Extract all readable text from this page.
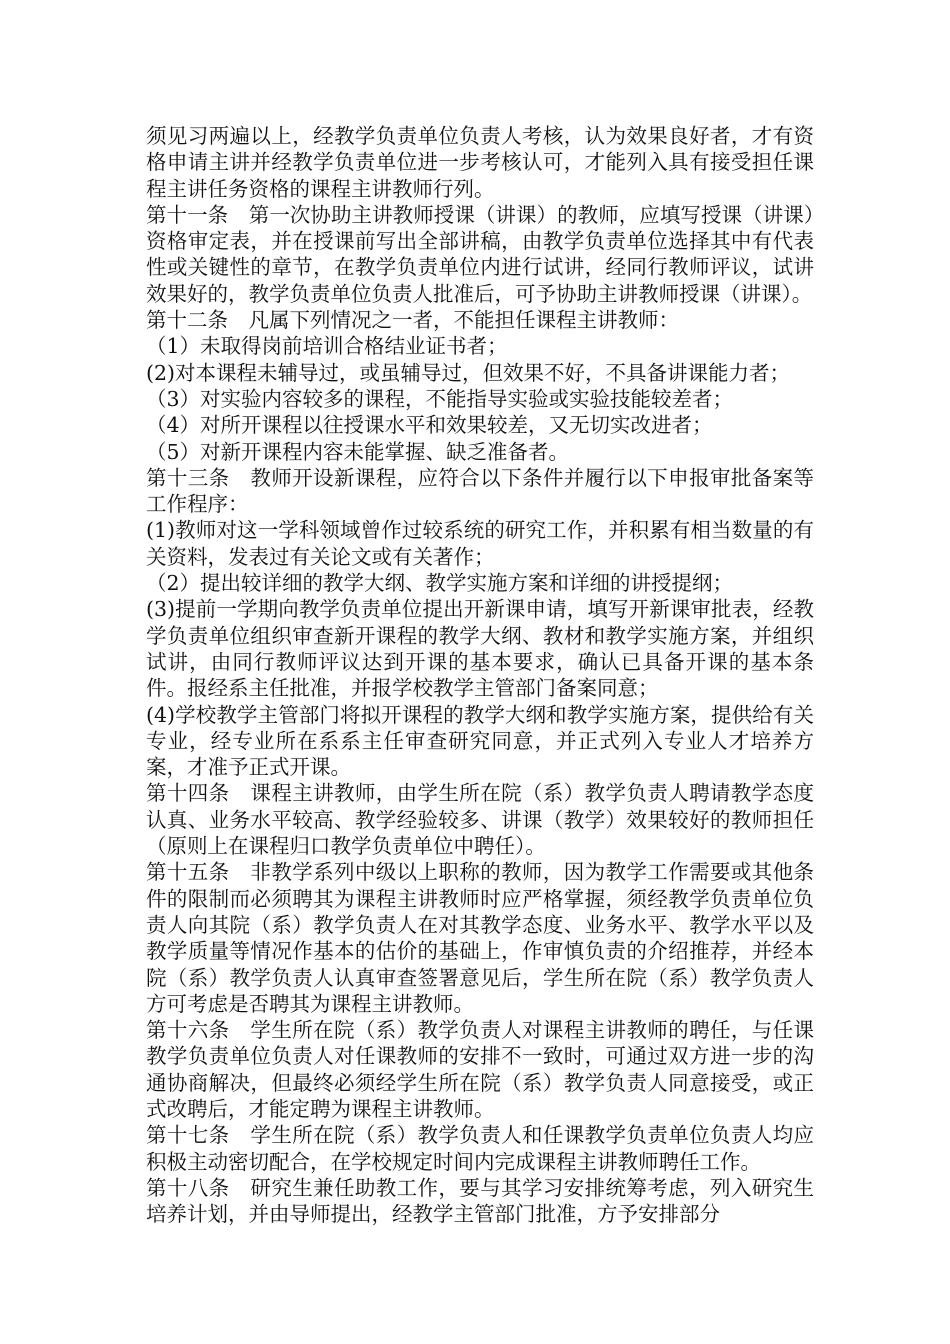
须见习两遍以上，经教学负责单位负责人考核，认为效果良好者，才有资格申请主讲并经教学负责单位进一步考核认可，才能列入具有接受担任课程主讲任务资格的课程主讲教师行列。

第十一条　第一次协助主讲教师授课（讲课）的教师，应填写授课（讲课）资格审定表，并在授课前写出全部讲稿，由教学负责单位选择其中有代表性或关键性的章节，在教学负责单位内进行试讲，经同行教师评议，试讲效果好的，教学负责单位负责人批准后，可予协助主讲教师授课（讲课）。

第十二条　凡属下列情况之一者，不能担任课程主讲教师：

（1）未取得岗前培训合格结业证书者；

(2)对本课程未辅导过，或虽辅导过，但效果不好，不具备讲课能力者；

（3）对实验内容较多的课程，不能指导实验或实验技能较差者；

（4）对所开课程以往授课水平和效果较差，又无切实改进者；

（5）对新开课程内容未能掌握、缺乏准备者。

第十三条　教师开设新课程，应符合以下条件并履行以下申报审批备案等工作程序：

(1)教师对这一学科领域曾作过较系统的研究工作，并积累有相当数量的有关资料，发表过有关论文或有关著作；

（2）提出较详细的教学大纲、教学实施方案和详细的讲授提纲；

(3)提前一学期向教学负责单位提出开新课申请，填写开新课审批表，经教学负责单位组织审查新开课程的教学大纲、教材和教学实施方案，并组织试讲，由同行教师评议达到开课的基本要求，确认已具备开课的基本条件。报经系主任批准，并报学校教学主管部门备案同意；

(4)学校教学主管部门将拟开课程的教学大纲和教学实施方案，提供给有关专业，经专业所在系系主任审查研究同意，并正式列入专业人才培养方案，才准予正式开课。

第十四条　课程主讲教师，由学生所在院（系）教学负责人聘请教学态度认真、业务水平较高、教学经验较多、讲课（教学）效果较好的教师担任（原则上在课程归口教学负责单位中聘任）。

第十五条　非教学系列中级以上职称的教师，因为教学工作需要或其他条件的限制而必须聘其为课程主讲教师时应严格掌握，须经教学负责单位负责人向其院（系）教学负责人在对其教学态度、业务水平、教学水平以及教学质量等情况作基本的估价的基础上，作审慎负责的介绍推荐，并经本院（系）教学负责人认真审查签署意见后，学生所在院（系）教学负责人方可考虑是否聘其为课程主讲教师。

第十六条　学生所在院（系）教学负责人对课程主讲教师的聘任，与任课教学负责单位负责人对任课教师的安排不一致时，可通过双方进一步的沟通协商解决，但最终必须经学生所在院（系）教学负责人同意接受，或正式改聘后，才能定聘为课程主讲教师。

第十七条　学生所在院（系）教学负责人和任课教学负责单位负责人均应积极主动密切配合，在学校规定时间内完成课程主讲教师聘任工作。

第十八条　研究生兼任助教工作，要与其学习安排统筹考虑，列入研究生培养计划，并由导师提出，经教学主管部门批准，方予安排部分
